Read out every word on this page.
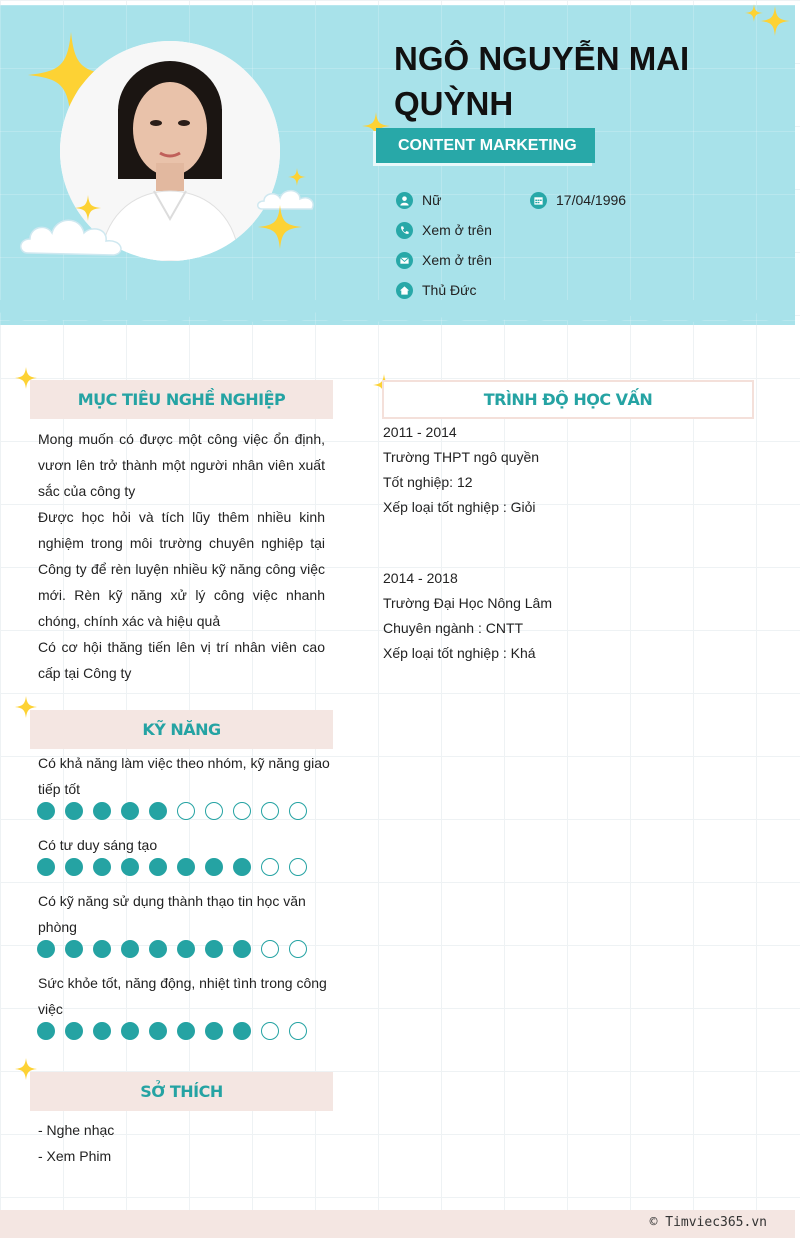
NGÔ NGUYỄN MAI QUỲNH
CONTENT MARKETING
Nữ	17/04/1996
Xem ở trên
Xem ở trên
Thủ Đức
MỤC TIÊU NGHỀ NGHIỆP

Mong muốn có được một công việc ổn định, vươn lên trở thành một người nhân viên xuất sắc của công ty

Được học hỏi và tích lũy thêm nhiều kinh nghiệm trong môi trường chuyên nghiệp tại Công ty để rèn luyện nhiều kỹ năng công việc mới. Rèn kỹ năng xử lý công việc nhanh chóng, chính xác và hiệu quả

Có cơ hội thăng tiến lên vị trí nhân viên cao cấp tại Công ty

TRÌNH ĐỘ HỌC VẤN
2011 - 2014
Trường THPT ngô quyền
Tốt nghiệp: 12
Xếp loại tốt nghiệp : Giỏi
2014 - 2018
Trường Đại Học Nông Lâm
Chuyên ngành : CNTT
Xếp loại tốt nghiệp : Khá
KỸ NĂNG
Có khả năng làm việc theo nhóm, kỹ năng giao tiếp tốt
Có tư duy sáng tạo
Có kỹ năng sử dụng thành thạo tin học văn phòng
Sức khỏe tốt, năng động, nhiệt tình trong công việc
SỞ THÍCH
- Nghe nhạc
- Xem Phim
© Timviec365.vn
